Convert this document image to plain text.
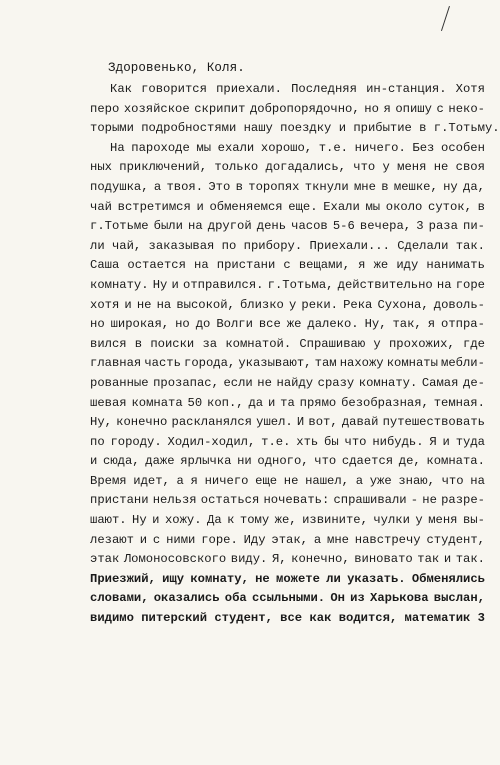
Здоровенько, Коля.
Как говорится приехали. Последняя ин-станция. Хотя
перо хозяйское скрипит добропорядочно, но я опишу с неко-
торыми подробностями нашу поездку и прибытие в г.Тотьму.
На пароходе мы ехали хорошо, т.е. ничего. Без особен
ных приключений, только догадались, что у меня не своя
подушка, а твоя. Это в торопях ткнули мне в мешке, ну да,
чай встретимся и обменяемся еще. Ехали мы около суток, в
г.Тотьме были на другой день часов 5-6 вечера, 3 раза пи-
ли чай, заказывая по прибору. Приехали... Сделали так.
Саша остается на пристани с вещами, я же иду нанимать
комнату. Ну и отправился. г.Тотьма, действительно на горе
хотя и не на высокой, близко у реки. Река Сухона, доволь-
но широкая, но до Волги все же далеко. Ну, так, я отпра-
вился в поиски за комнатой. Спрашиваю у прохожих, где
главная часть города, указывают, там нахожу комнаты мебли-
рованные прозапас, если не найду сразу комнату. Самая де-
шевая комната 50 коп., да и та прямо безобразная, темная.
Ну, конечно раскланялся ушел. И вот, давай путешествовать
по городу. Ходил-ходил, т.е. хть бы что нибудь. Я и туда
и сюда, даже ярлычка ни одного, что сдается де, комната.
Время идет, а я ничего еще не нашел, а уже знаю, что на
пристани нельзя остаться ночевать: спрашивали - не разре-
шают. Ну и хожу. Да к тому же, извините, чулки у меня вы-
лезают и с ними горе. Иду этак, а мне навстречу студент,
этак Ломоносовского виду. Я, конечно, виновато так и так.
Приезжий, ищу комнату, не можете ли указать. Обменялись
словами, оказались оба ссыльными. Он из Харькова выслан,
видимо питерский студент, все как водится, математик 3
